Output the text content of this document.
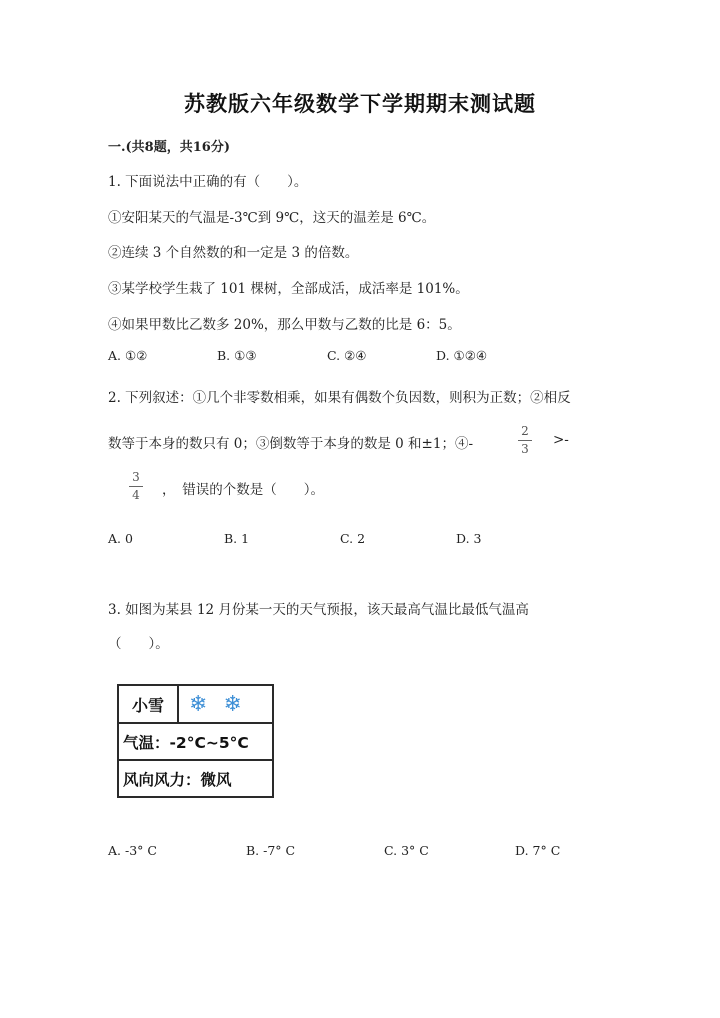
苏教版六年级数学下学期期末测试题
一.(共8题，共16分)
1. 下面说法中正确的有（　　）。
①安阳某天的气温是-3℃到 9℃，这天的温差是 6℃。
②连续 3 个自然数的和一定是 3 的倍数。
③某学校学生栽了 101 棵树，全部成活，成活率是 101%。
④如果甲数比乙数多 20%，那么甲数与乙数的比是 6：5。
A. ①②	B. ①③	C. ②④	D. ①②④
2. 下列叙述：①几个非零数相乘，如果有偶数个负因数，则积为正数；②相反
数等于本身的数只有 0；③倒数等于本身的数是 0 和±1；④-
2
3
>-
3
4	，　错误的个数是（　　）。
A. 0	B. 1	C. 2	D. 3
3. 如图为某县 12 月份某一天的天气预报，该天最高气温比最低气温高
（　　）。
小雪	❄ ❄
气温：-2°C~5°C
风向风力：微风
A. -3° C	B. -7° C	C. 3° C	D. 7° C
